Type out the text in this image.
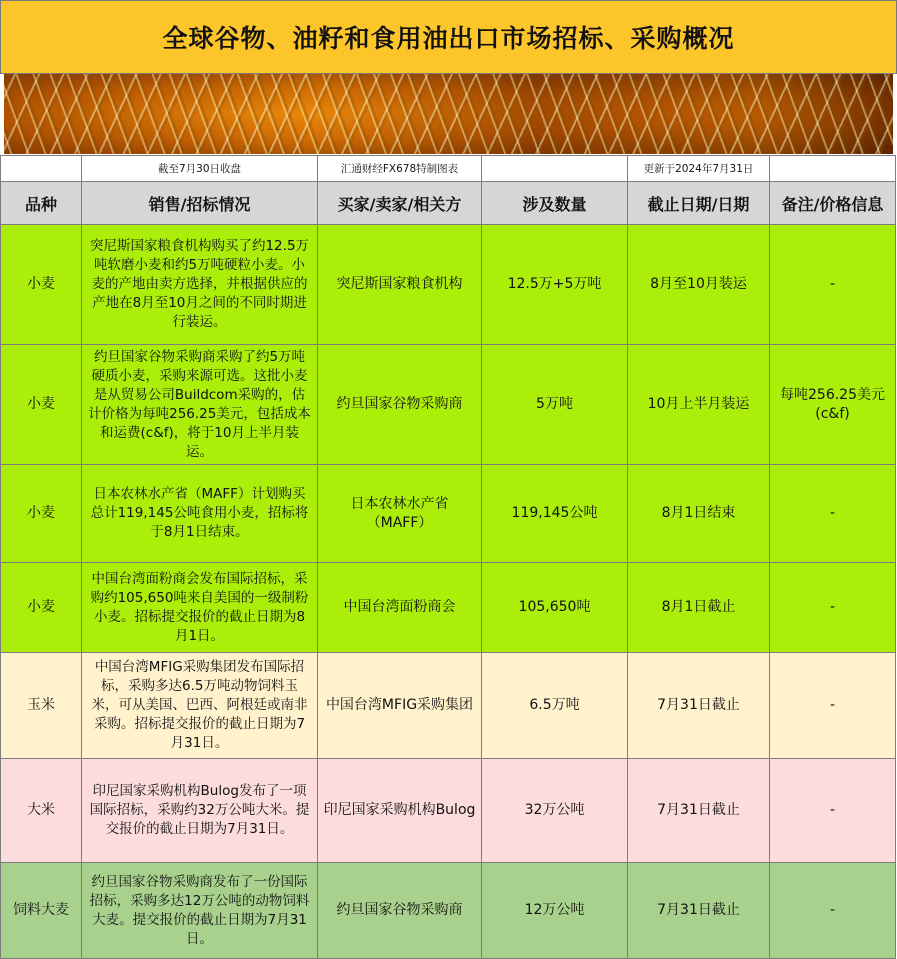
全球谷物、油籽和食用油出口市场招标、采购概况
	截至7月30日收盘	汇通财经FX678特制图表		更新于2024年7月31日	
品种	销售/招标情况	买家/卖家/相关方	涉及数量	截止日期/日期	备注/价格信息
小麦	突尼斯国家粮食机构购买了约12.5万吨软磨小麦和约5万吨硬粒小麦。小麦的产地由卖方选择，并根据供应的产地在8月至10月之间的不同时期进行装运。	突尼斯国家粮食机构	12.5万+5万吨	8月至10月装运	-
小麦	约旦国家谷物采购商采购了约5万吨硬质小麦，采购来源可选。这批小麦是从贸易公司Buildcom采购的，估计价格为每吨256.25美元，包括成本和运费(c&f)，将于10月上半月装运。	约旦国家谷物采购商	5万吨	10月上半月装运	每吨256.25美元(c&f)
小麦	日本农林水产省（MAFF）计划购买总计119,145公吨食用小麦，招标将于8月1日结束。	日本农林水产省（MAFF）	119,145公吨	8月1日结束	-
小麦	中国台湾面粉商会发布国际招标，采购约105,650吨来自美国的一级制粉小麦。招标提交报价的截止日期为8月1日。	中国台湾面粉商会	105,650吨	8月1日截止	-
玉米	中国台湾MFIG采购集团发布国际招标，采购多达6.5万吨动物饲料玉米，可从美国、巴西、阿根廷或南非采购。招标提交报价的截止日期为7月31日。	中国台湾MFIG采购集团	6.5万吨	7月31日截止	-
大米	印尼国家采购机构Bulog发布了一项国际招标，采购约32万公吨大米。提交报价的截止日期为7月31日。	印尼国家采购机构Bulog	32万公吨	7月31日截止	-
饲料大麦	约旦国家谷物采购商发布了一份国际招标，采购多达12万公吨的动物饲料大麦。提交报价的截止日期为7月31日。	约旦国家谷物采购商	12万公吨	7月31日截止	-
